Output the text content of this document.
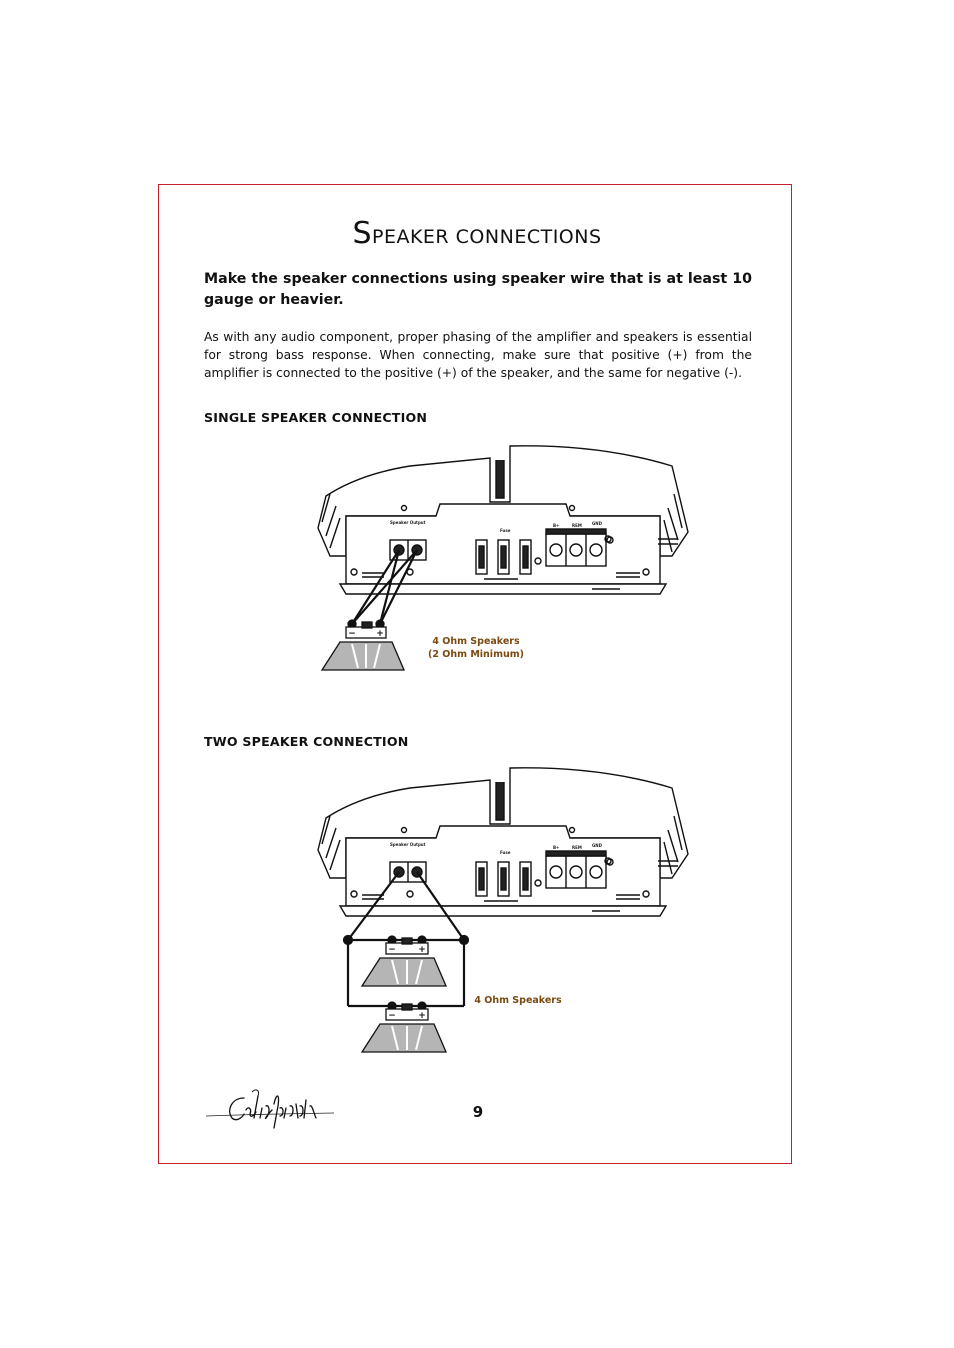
SPEAKER CONNECTIONS

Make the speaker connections using speaker wire that is at least 10 gauge or heavier.

As with any audio component, proper phasing of the amplifier and speakers is essential for strong bass response. When connecting, make sure that positive (+) from the amplifier is connected to the positive (+) of the speaker, and the same for negative (-).

SINGLE SPEAKER CONNECTION
Speaker Output
Fuse
B+	REM	GND
− +
4 Ohm Speakers
(2 Ohm Minimum)
TWO SPEAKER CONNECTION
Speaker Output
Fuse
B+	REM	GND
− +
− +
4 Ohm Speakers
9
